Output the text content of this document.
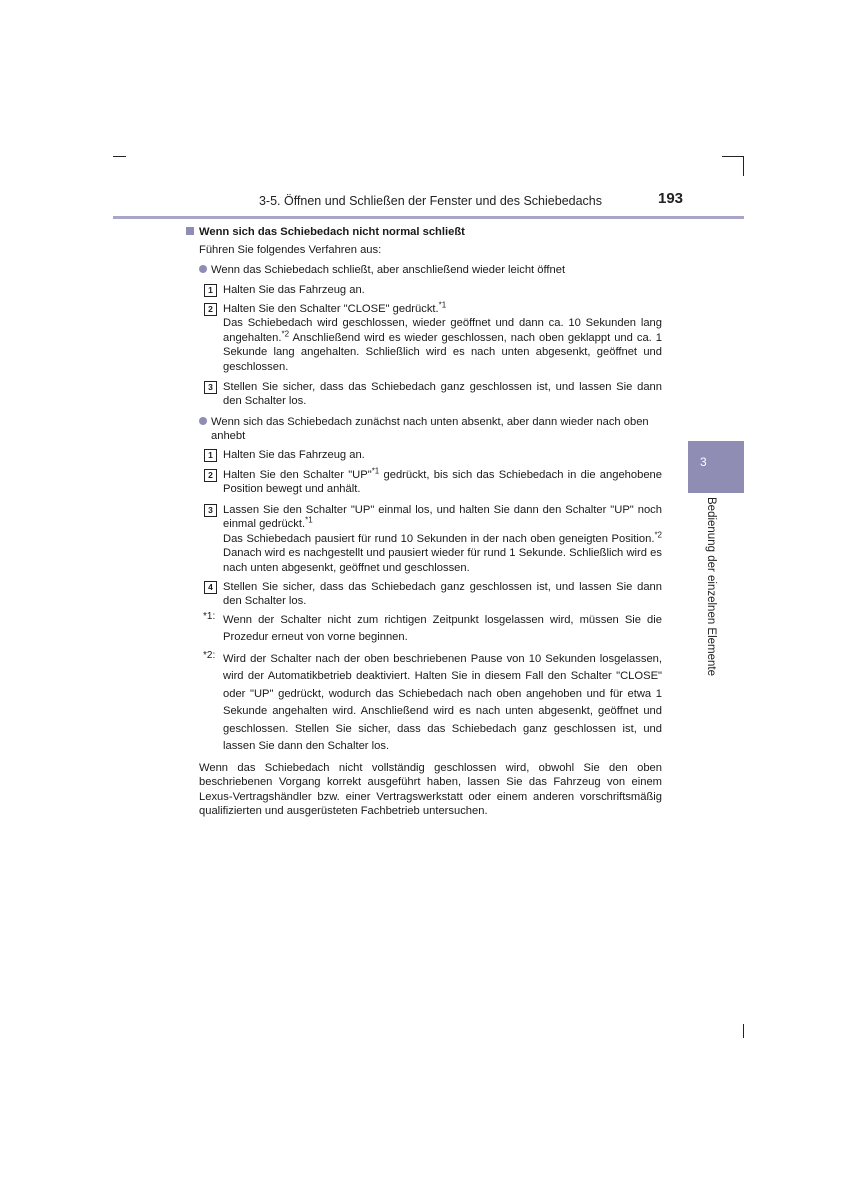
3-5. Öffnen und Schließen der Fenster und des Schiebedachs	193
3
Bedienung der einzelnen Elemente
Wenn sich das Schiebedach nicht normal schließt
Führen Sie folgendes Verfahren aus:
Wenn das Schiebedach schließt, aber anschließend wieder leicht öffnet
1 Halten Sie das Fahrzeug an.
2 Halten Sie den Schalter "CLOSE" gedrückt.$^{*1}$
Das Schiebedach wird geschlossen, wieder geöffnet und dann ca. 10 Sekunden lang angehalten.$^{*2}$ Anschließend wird es wieder geschlossen, nach oben geklappt und ca. 1 Sekunde lang angehalten. Schließlich wird es nach unten abgesenkt, geöffnet und geschlossen.
3 Stellen Sie sicher, dass das Schiebedach ganz geschlossen ist, und lassen Sie dann den Schalter los.
Wenn sich das Schiebedach zunächst nach unten absenkt, aber dann wieder nach oben anhebt
1 Halten Sie das Fahrzeug an.
2 Halten Sie den Schalter "UP"$^{*1}$ gedrückt, bis sich das Schiebedach in die angehobene Position bewegt und anhält.
3 Lassen Sie den Schalter "UP" einmal los, und halten Sie dann den Schalter "UP" noch einmal gedrückt.$^{*1}$
Das Schiebedach pausiert für rund 10 Sekunden in der nach oben geneigten Position.$^{*2}$ Danach wird es nachgestellt und pausiert wieder für rund 1 Sekunde. Schließlich wird es nach unten abgesenkt, geöffnet und geschlossen.
4 Stellen Sie sicher, dass das Schiebedach ganz geschlossen ist, und lassen Sie dann den Schalter los.
*1: Wenn der Schalter nicht zum richtigen Zeitpunkt losgelassen wird, müssen Sie die Prozedur erneut von vorne beginnen.
*2: Wird der Schalter nach der oben beschriebenen Pause von 10 Sekunden losgelassen, wird der Automatikbetrieb deaktiviert. Halten Sie in diesem Fall den Schalter "CLOSE" oder "UP" gedrückt, wodurch das Schiebedach nach oben angehoben und für etwa 1 Sekunde angehalten wird. Anschließend wird es nach unten abgesenkt, geöffnet und geschlossen. Stellen Sie sicher, dass das Schiebedach ganz geschlossen ist, und lassen Sie dann den Schalter los.
Wenn das Schiebedach nicht vollständig geschlossen wird, obwohl Sie den oben beschriebenen Vorgang korrekt ausgeführt haben, lassen Sie das Fahrzeug von einem Lexus-Vertragshändler bzw. einer Vertragswerkstatt oder einem anderen vorschriftsmäßig qualifizierten und ausgerüsteten Fachbetrieb untersuchen.
